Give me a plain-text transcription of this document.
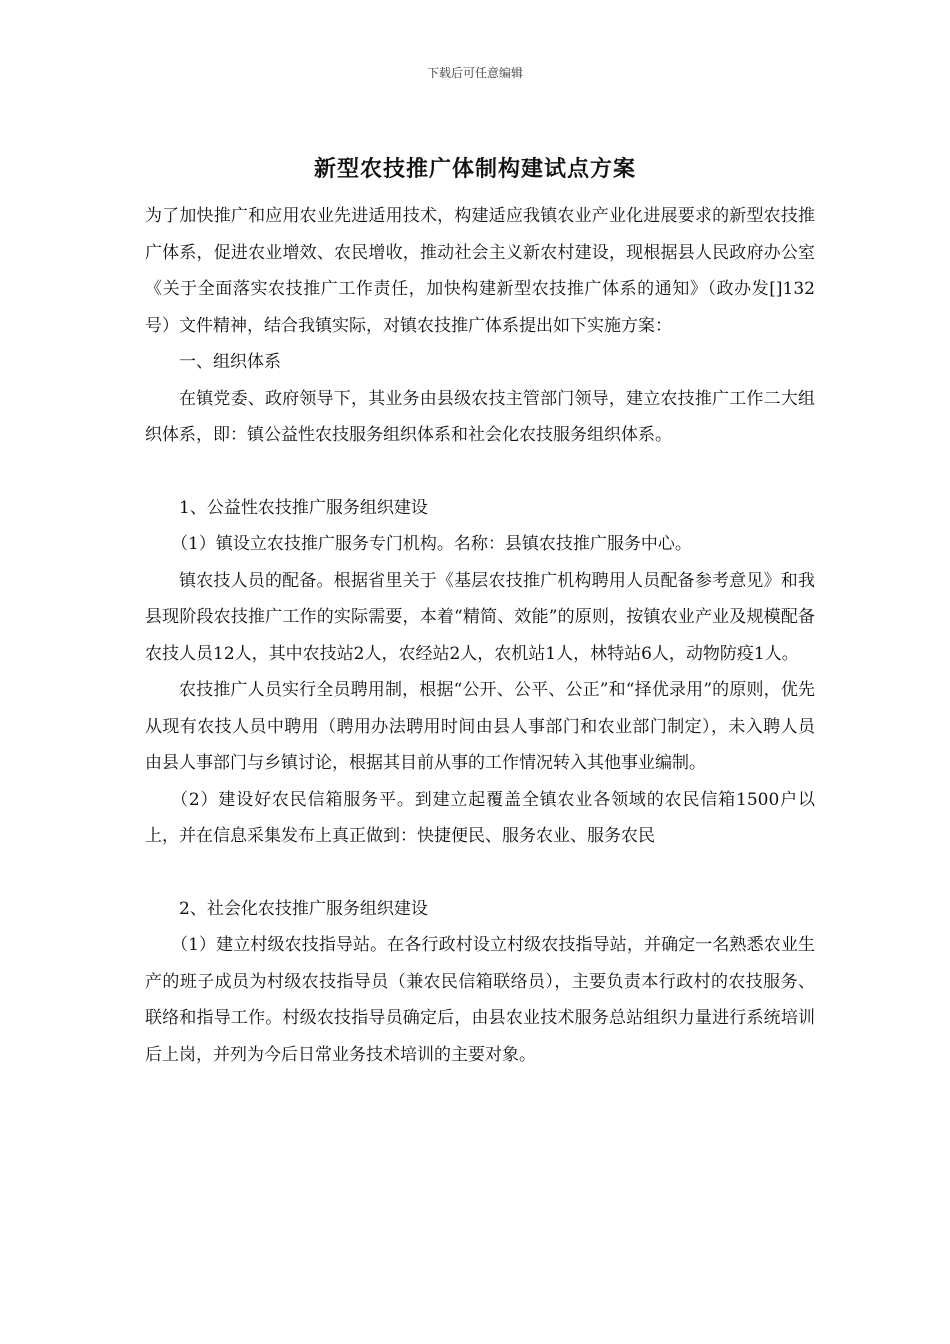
下载后可任意编辑
新型农技推广体制构建试点方案

为了加快推广和应用农业先进适用技术，构建适应我镇农业产业化进展要求的新型农技推广体系，促进农业增效、农民增收，推动社会主义新农村建设，现根据县人民政府办公室《关于全面落实农技推广工作责任，加快构建新型农技推广体系的通知》（政办发[]132号）文件精神，结合我镇实际，对镇农技推广体系提出如下实施方案：

一、组织体系

在镇党委、政府领导下，其业务由县级农技主管部门领导，建立农技推广工作二大组织体系，即：镇公益性农技服务组织体系和社会化农技服务组织体系。

1、公益性农技推广服务组织建设

（1）镇设立农技推广服务专门机构。名称：县镇农技推广服务中心。

镇农技人员的配备。根据省里关于《基层农技推广机构聘用人员配备参考意见》和我县现阶段农技推广工作的实际需要，本着“精简、效能”的原则，按镇农业产业及规模配备农技人员12人，其中农技站2人，农经站2人，农机站1人，林特站6人，动物防疫1人。

农技推广人员实行全员聘用制，根据“公开、公平、公正”和“择优录用”的原则，优先从现有农技人员中聘用（聘用办法聘用时间由县人事部门和农业部门制定），未入聘人员由县人事部门与乡镇讨论，根据其目前从事的工作情况转入其他事业编制。

（2）建设好农民信箱服务平。到建立起覆盖全镇农业各领域的农民信箱1500户以上，并在信息采集发布上真正做到：快捷便民、服务农业、服务农民

2、社会化农技推广服务组织建设

（1）建立村级农技指导站。在各行政村设立村级农技指导站，并确定一名熟悉农业生产的班子成员为村级农技指导员（兼农民信箱联络员），主要负责本行政村的农技服务、联络和指导工作。村级农技指导员确定后，由县农业技术服务总站组织力量进行系统培训后上岗，并列为今后日常业务技术培训的主要对象。
